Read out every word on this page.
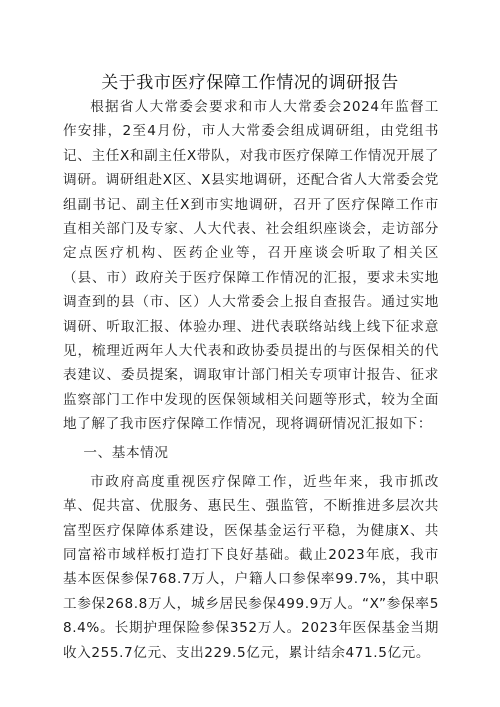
关于我市医疗保障工作情况的调研报告

根据省人大常委会要求和市人大常委会2024年监督工作安排，2至4月份，市人大常委会组成调研组，由党组书记、主任X和副主任X带队，对我市医疗保障工作情况开展了调研。调研组赴X区、X县实地调研，还配合省人大常委会党组副书记、副主任X到市实地调研，召开了医疗保障工作市直相关部门及专家、人大代表、社会组织座谈会，走访部分定点医疗机构、医药企业等，召开座谈会听取了相关区（县、市）政府关于医疗保障工作情况的汇报，要求未实地调查到的县（市、区）人大常委会上报自查报告。通过实地调研、听取汇报、体验办理、进代表联络站线上线下征求意见，梳理近两年人大代表和政协委员提出的与医保相关的代表建议、委员提案，调取审计部门相关专项审计报告、征求监察部门工作中发现的医保领域相关问题等形式，较为全面地了解了我市医疗保障工作情况，现将调研情况汇报如下：

一、基本情况

市政府高度重视医疗保障工作，近些年来，我市抓改革、促共富、优服务、惠民生、强监管，不断推进多层次共富型医疗保障体系建设，医保基金运行平稳，为健康X、共同富裕市域样板打造打下良好基础。截止2023年底，我市基本医保参保768.7万人，户籍人口参保率99.7%，其中职工参保268.8万人，城乡居民参保499.9万人。“X”参保率58.4%。长期护理保险参保352万人。2023年医保基金当期收入255.7亿元、支出229.5亿元，累计结余471.5亿元。
